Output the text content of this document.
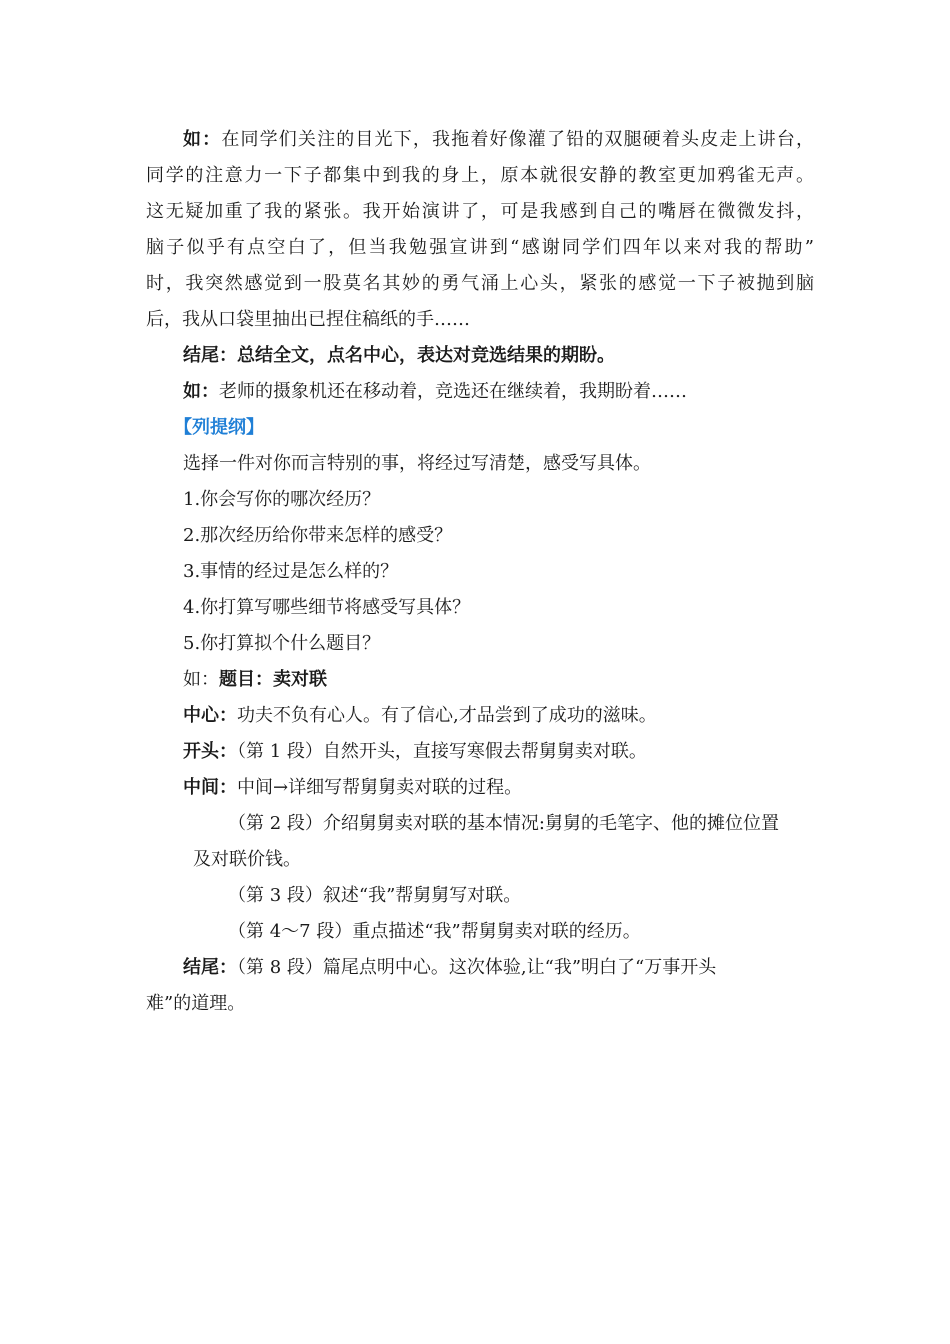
如：在同学们关注的目光下，我拖着好像灌了铅的双腿硬着头皮走上讲台，
同学的注意力一下子都集中到我的身上，原本就很安静的教室更加鸦雀无声。
这无疑加重了我的紧张。我开始演讲了，可是我感到自己的嘴唇在微微发抖，
脑子似乎有点空白了，但当我勉强宣讲到“感谢同学们四年以来对我的帮助”
时，我突然感觉到一股莫名其妙的勇气涌上心头，紧张的感觉一下子被抛到脑
后，我从口袋里抽出已捏住稿纸的手……
结尾：总结全文，点名中心，表达对竞选结果的期盼。
如：老师的摄象机还在移动着，竞选还在继续着，我期盼着……
【列提纲】
选择一件对你而言特别的事，将经过写清楚，感受写具体。
1.你会写你的哪次经历？
2.那次经历给你带来怎样的感受？
3.事情的经过是怎么样的？
4.你打算写哪些细节将感受写具体？
5.你打算拟个什么题目？
如：题目：卖对联
中心：功夫不负有心人。有了信心,才品尝到了成功的滋味。
开头：（第 1 段）自然开头，直接写寒假去帮舅舅卖对联。
中间：中间→详细写帮舅舅卖对联的过程。
（第 2 段）介绍舅舅卖对联的基本情况:舅舅的毛笔字、他的摊位位置
及对联价钱。
（第 3 段）叙述“我”帮舅舅写对联。
（第 4～7 段）重点描述“我”帮舅舅卖对联的经历。
结尾：（第 8 段）篇尾点明中心。这次体验,让“我”明白了“万事开头
难”的道理。
